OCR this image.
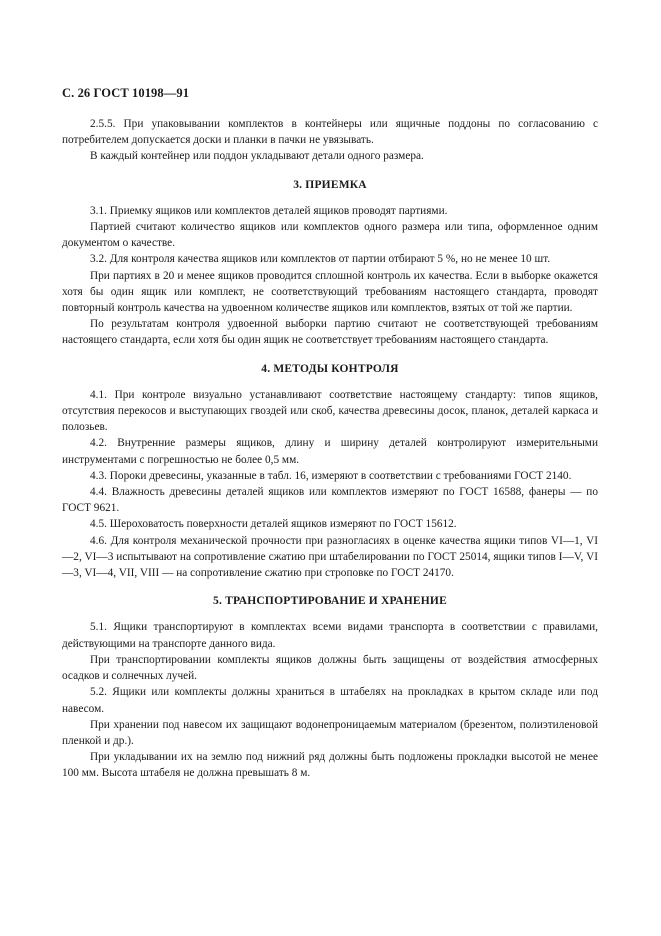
С. 26 ГОСТ 10198—91

2.5.5. При упаковывании комплектов в контейнеры или ящичные поддоны по согласованию с потребителем допускается доски и планки в пачки не увязывать.

В каждый контейнер или поддон укладывают детали одного размера.

3. ПРИЕМКА

3.1. Приемку ящиков или комплектов деталей ящиков проводят партиями.

Партией считают количество ящиков или комплектов одного размера или типа, оформленное одним документом о качестве.

3.2. Для контроля качества ящиков или комплектов от партии отбирают 5 %, но не менее 10 шт.

При партиях в 20 и менее ящиков проводится сплошной контроль их качества. Если в выборке окажется хотя бы один ящик или комплект, не соответствующий требованиям настоящего стандарта, проводят повторный контроль качества на удвоенном количестве ящиков или комплектов, взятых от той же партии.

По результатам контроля удвоенной выборки партию считают не соответствующей требованиям настоящего стандарта, если хотя бы один ящик не соответствует требованиям настоящего стандарта.

4. МЕТОДЫ КОНТРОЛЯ

4.1. При контроле визуально устанавливают соответствие настоящему стандарту: типов ящиков, отсутствия перекосов и выступающих гвоздей или скоб, качества древесины досок, планок, деталей каркаса и полозьев.

4.2. Внутренние размеры ящиков, длину и ширину деталей контролируют измерительными инструментами с погрешностью не более 0,5 мм.

4.3. Пороки древесины, указанные в табл. 16, измеряют в соответствии с требованиями ГОСТ 2140.

4.4. Влажность древесины деталей ящиков или комплектов измеряют по ГОСТ 16588, фанеры — по ГОСТ 9621.

4.5. Шероховатость поверхности деталей ящиков измеряют по ГОСТ 15612.

4.6. Для контроля механической прочности при разногласиях в оценке качества ящики типов VI—1, VI—2, VI—3 испытывают на сопротивление сжатию при штабелировании по ГОСТ 25014, ящики типов I—V, VI—3, VI—4, VII, VIII — на сопротивление сжатию при строповке по ГОСТ 24170.

5. ТРАНСПОРТИРОВАНИЕ И ХРАНЕНИЕ

5.1. Ящики транспортируют в комплектах всеми видами транспорта в соответствии с правилами, действующими на транспорте данного вида.

При транспортировании комплекты ящиков должны быть защищены от воздействия атмосферных осадков и солнечных лучей.

5.2. Ящики или комплекты должны храниться в штабелях на прокладках в крытом складе или под навесом.

При хранении под навесом их защищают водонепроницаемым материалом (брезентом, полиэтиленовой пленкой и др.).

При укладывании их на землю под нижний ряд должны быть подложены прокладки высотой не менее 100 мм. Высота штабеля не должна превышать 8 м.
